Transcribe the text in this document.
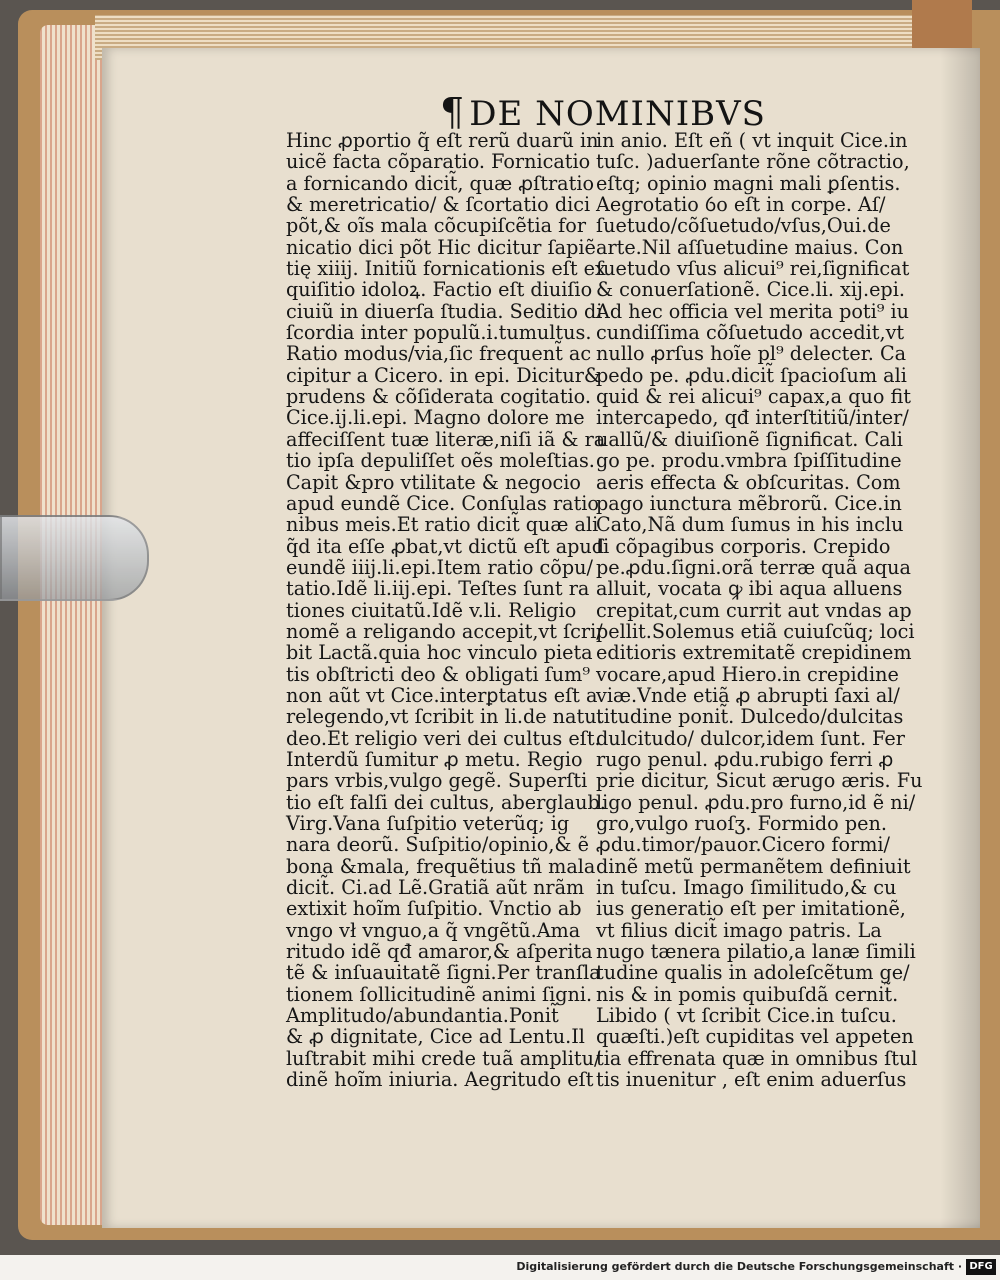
¶ DE NOMINIBVS
Hinc ꝓportio q̃ eſt rerũ duarũ in
uicẽ facta cõparatio. Fornicatio
a fornicando dicit̃, quæ ꝓſtratio
& meretricatio/ & ſcortatio dici
põt,& oĩs mala cõcupiſcẽtia for
nicatio dici põt Hic dicitur ſapiẽ
tię xiiij. Initiũ fornicationis eſt ex
quiſitio idoloꝝ. Factio eſt diuiſio
ciuiũ in diuerſa ſtudia. Seditio di
ſcordia inter populũ.i.tumultus.
Ratio modus/via,ſic frequent̃ ac
cipitur a Cicero. in epi. Dicitur&
prudens & cõſiderata cogitatio.
Cice.ij.li.epi. Magno dolore me
affeciſſent tuæ literæ,niſi iã & ra
tio ipſa depuliſſet oẽs moleſtias.
Capit &pro vtilitate & negocio
apud eundẽ Cice. Conſulas ratio
nibus meis.Et ratio dicit̃ quæ ali
q̃d ita eſſe ꝓbat,vt dictũ eſt apud
eundẽ iiij.li.epi.Item ratio cõpu/
tatio.Idẽ li.iij.epi. Teſtes ſunt ra
tiones ciuitatũ.Idẽ v.li. Religio
nomẽ a religando accepit,vt ſcri/
bit Lactã.quia hoc vinculo pieta
tis obſtricti deo & obligati ſum⁹
non aũt vt Cice.interꝑtatus eſt a
relegendo,vt ſcribit in li.de natu.
deo.Et religio veri dei cultus eſt.
Interdũ ſumitur ꝓ metu. Regio
pars vrbis,vulgo gegẽ. Superſti
tio eſt falſi dei cultus, aberglaub.
Virg.Vana ſuſpitio veterũq; ig
nara deorũ. Suſpitio/opinio,& ẽ
bona &mala, frequẽtius tñ mala
dicit̃. Ci.ad Lẽ.Gratiã aũt nrãm
extixit hoĩm ſuſpitio. Vnctio ab
vngo vł vnguo,a q̃ vngẽtũ.Ama
ritudo idẽ qđ amaror,& aſperita
tẽ & inſuauitatẽ ſigni.Per tranſla
tionem ſollicitudinẽ animi ſigni.
Amplitudo/abundantia.Ponit̃
& ꝓ dignitate, Cice ad Lentu.Il
luſtrabit mihi crede tuã amplitu/
dinẽ hoĩm iniuria. Aegritudo eſt
in anio. Eſt eñ ( vt inquit Cice.in
tuſc. )aduerſante rõne cõtractio,
eſtq; opinio magni mali ꝑſentis.
Aegrotatio ỽo eſt in corpe. Aſ/
ſuetudo/cõſuetudo/vſus,Oui.de
arte.Nil aſſuetudine maius. Con
ſuetudo vſus alicui⁹ rei,ſignificat
& conuerſationẽ. Cice.li. xij.epi.
Ad hec officia vel merita poti⁹ iu
cundiſſima cõſuetudo accedit,vt
nullo ꝓrſus hoĩe pl⁹ delecter. Ca
pedo pe. ꝓdu.dicit̃ ſpacioſum ali
quid & rei alicui⁹ capax,a quo fit
intercapedo, qđ interſtitiũ/inter/
uallũ/& diuiſionẽ ſignificat. Cali
go pe. produ.vmbra ſpiſſitudine
aeris effecta & obſcuritas. Com
pago iunctura mẽbrorũ. Cice.in
Cato,Nã dum ſumus in his inclu
ſi cõpagibus corporis. Crepido
pe.ꝓdu.ſigni.orã terræ quã aqua
alluit, vocata ꝙ ibi aqua alluens
crepitat,cum currit aut vndas ap
pellit.Solemus etiã cuiuſcũq; loci
editioris extremitatẽ crepidinem
vocare,apud Hiero.in crepidine
viæ.Vnde etiã ꝓ abrupti ſaxi al/
titudine ponit̃. Dulcedo/dulcitas
dulcitudo/ dulcor,idem ſunt. Fer
rugo penul. ꝓdu.rubigo ferri ꝓ
prie dicitur, Sicut ærugo æris. Fu
ligo penul. ꝓdu.pro furno,id ẽ ni/
gro,vulgo ruoſʒ. Formido pen.
ꝓdu.timor/pauor.Cicero formi/
dinẽ metũ permanẽtem definiuit
in tuſcu. Imago ſimilitudo,& cu
ius generatio eſt per imitationẽ,
vt filius dicit̃ imago patris. La
nugo tænera pilatio,a lanæ ſimili
tudine qualis in adoleſcẽtum ge/
nis & in pomis quibuſdã cernit̃.
Libido ( vt ſcribit Cice.in tuſcu.
quæſti.)eſt cupiditas vel appeten
tia effrenata quæ in omnibus ſtul
tis inuenitur , eſt enim aduerſus
Digitalisierung gefördert durch die Deutsche Forschungsgemeinschaft · DFG
